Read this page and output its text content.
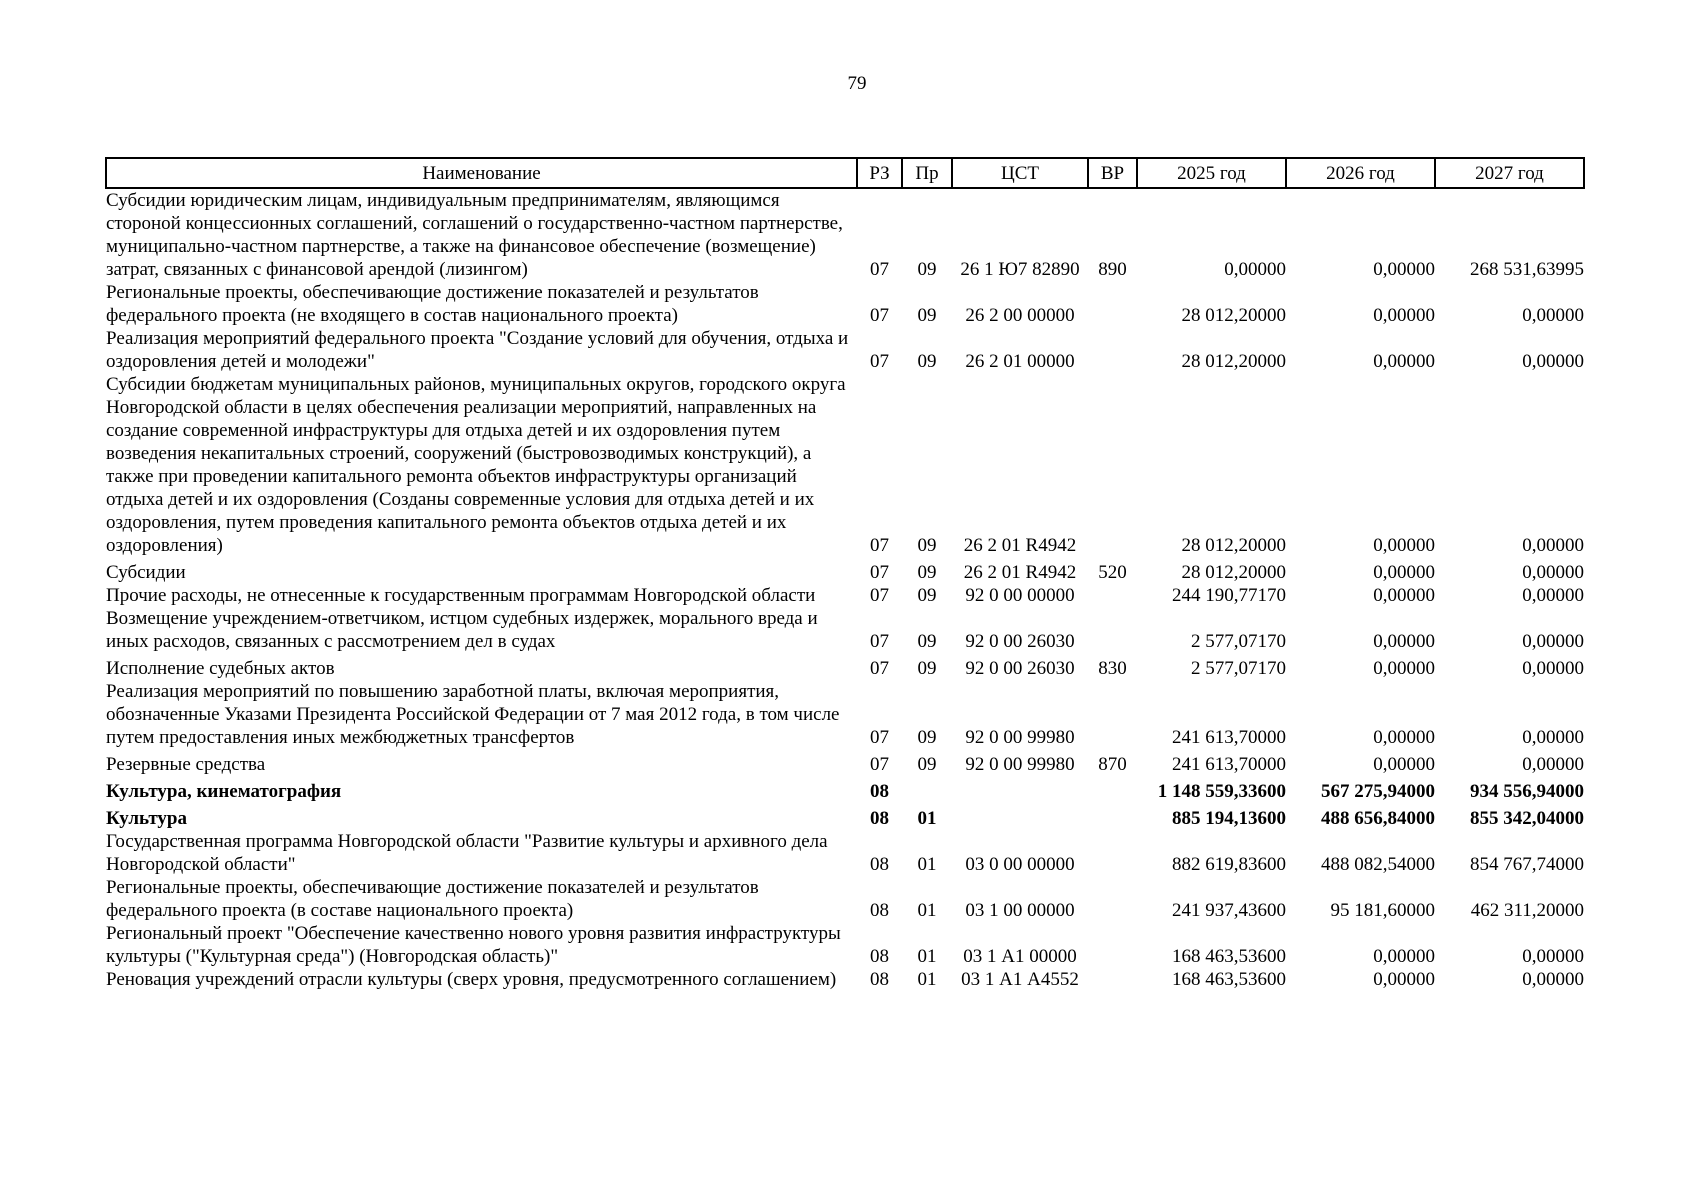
79
Наименование	РЗ	Пр	ЦСТ	ВР	2025 год	2026 год	2027 год
Субсидии юридическим лицам, индивидуальным предпринимателям, являющимся стороной концессионных соглашений, соглашений о государственно-частном партнерстве, муниципально-частном партнерстве, а также на финансовое обеспечение (возмещение) затрат, связанных с финансовой арендой (лизингом)	07	09	26 1 Ю7 82890	890	0,00000	0,00000	268 531,63995
Региональные проекты, обеспечивающие достижение показателей и результатов федерального проекта (не входящего в состав национального проекта)	07	09	26 2 00 00000		28 012,20000	0,00000	0,00000
Реализация мероприятий федерального проекта "Создание условий для обучения, отдыха и оздоровления детей и молодежи"	07	09	26 2 01 00000		28 012,20000	0,00000	0,00000
Субсидии бюджетам муниципальных районов, муниципальных округов, городского округа Новгородской области в целях обеспечения реализации мероприятий, направленных на создание современной инфраструктуры для отдыха детей и их оздоровления путем возведения некапитальных строений, сооружений (быстровозводимых конструкций), а также при проведении капитального ремонта объектов инфраструктуры организаций отдыха детей и их оздоровления (Созданы современные условия для отдыха детей и их оздоровления, путем проведения капитального ремонта объектов отдыха детей и их оздоровления)	07	09	26 2 01 R4942		28 012,20000	0,00000	0,00000
Субсидии	07	09	26 2 01 R4942	520	28 012,20000	0,00000	0,00000
Прочие расходы, не отнесенные к государственным программам Новгородской области	07	09	92 0 00 00000		244 190,77170	0,00000	0,00000
Возмещение учреждением-ответчиком, истцом судебных издержек, морального вреда и иных расходов, связанных с рассмотрением дел в судах	07	09	92 0 00 26030		2 577,07170	0,00000	0,00000
Исполнение судебных актов	07	09	92 0 00 26030	830	2 577,07170	0,00000	0,00000
Реализация мероприятий по повышению заработной платы, включая мероприятия, обозначенные Указами Президента Российской Федерации от 7 мая 2012 года, в том числе путем предоставления иных межбюджетных трансфертов	07	09	92 0 00 99980		241 613,70000	0,00000	0,00000
Резервные средства	07	09	92 0 00 99980	870	241 613,70000	0,00000	0,00000
Культура, кинематография	08				1 148 559,33600	567 275,94000	934 556,94000
Культура	08	01			885 194,13600	488 656,84000	855 342,04000
Государственная программа Новгородской области "Развитие культуры и архивного дела Новгородской области"	08	01	03 0 00 00000		882 619,83600	488 082,54000	854 767,74000
Региональные проекты, обеспечивающие достижение показателей и результатов федерального проекта (в составе национального проекта)	08	01	03 1 00 00000		241 937,43600	95 181,60000	462 311,20000
Региональный проект "Обеспечение качественно нового уровня развития инфраструктуры культуры ("Культурная среда") (Новгородская область)"	08	01	03 1 А1 00000		168 463,53600	0,00000	0,00000
Реновация учреждений отрасли культуры (сверх уровня, предусмотренного соглашением)	08	01	03 1 А1 А4552		168 463,53600	0,00000	0,00000
